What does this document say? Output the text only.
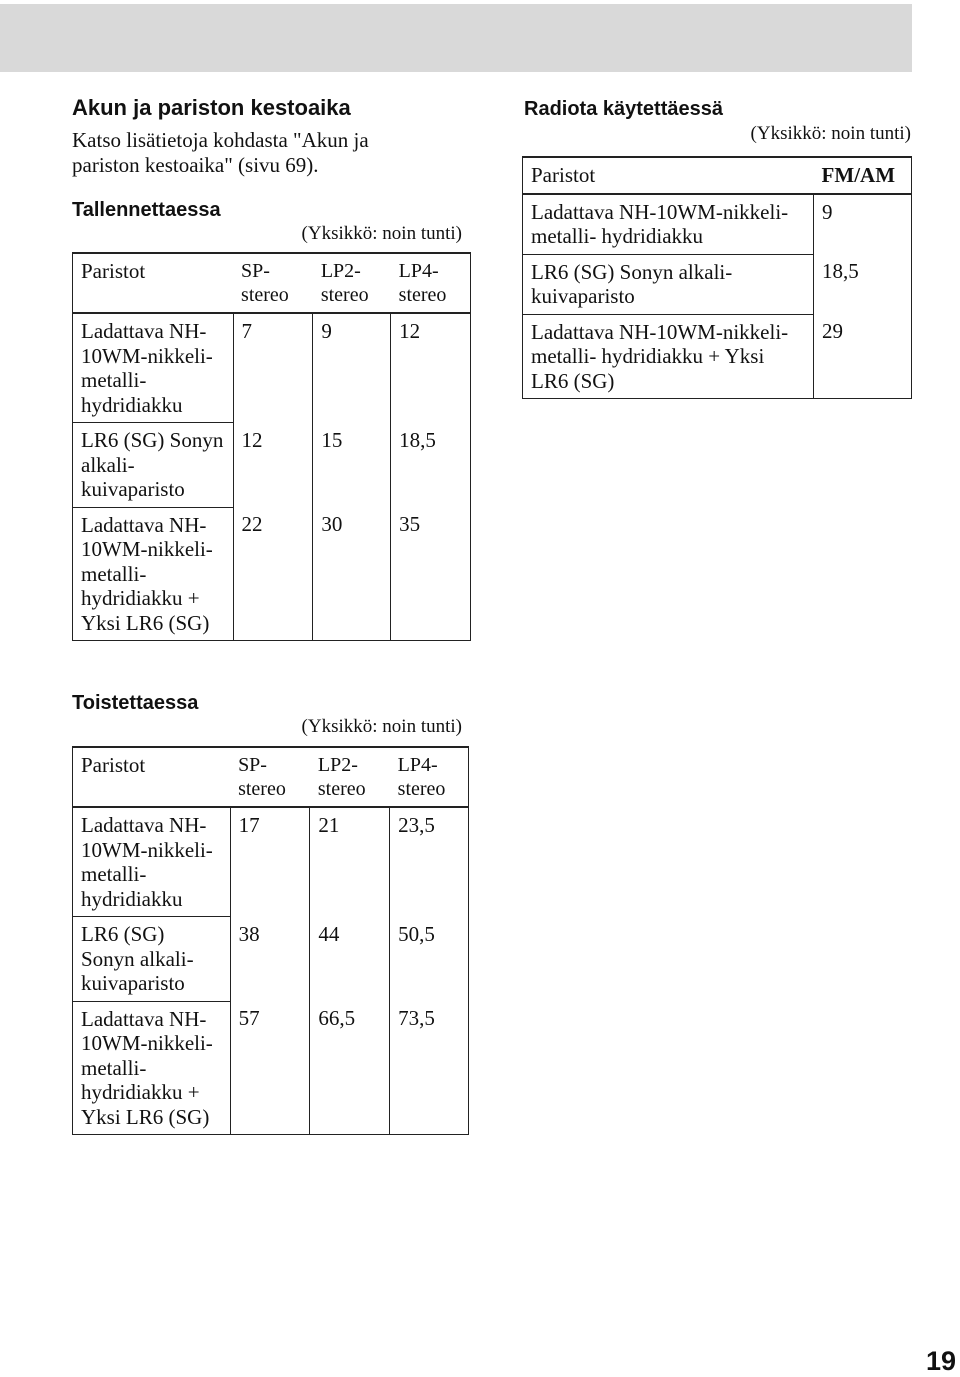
Akun ja pariston kestoaika

Katso lisätietoja kohdasta "Akun ja pariston kestoaika" (sivu 69).

Tallennettaessa
(Yksikkö: noin tunti)
Paristot	SP-stereo	LP2-stereo	LP4-stereo
Ladattava NH-10WM-nikkeli-metalli-hydridiakku	7	9	12
LR6 (SG) Sonyn alkali-kuivaparisto	12	15	18,5
Ladattava NH-10WM-nikkeli-metalli-hydridiakku + Yksi LR6 (SG)	22	30	35
Toistettaessa
(Yksikkö: noin tunti)
Paristot	SP-stereo	LP2-stereo	LP4-stereo
Ladattava NH-10WM-nikkeli-metalli-hydridiakku	17	21	23,5
LR6 (SG) Sonyn alkali-kuivaparisto	38	44	50,5
Ladattava NH-10WM-nikkeli-metalli-hydridiakku + Yksi LR6 (SG)	57	66,5	73,5
Radiota käytettäessä
(Yksikkö: noin tunti)
Paristot	FM/AM
Ladattava NH-10WM-nikkeli-metalli- hydridiakku	9
LR6 (SG) Sonyn alkali-kuivaparisto	18,5
Ladattava NH-10WM-nikkeli-metalli- hydridiakku + Yksi LR6 (SG)	29
19
